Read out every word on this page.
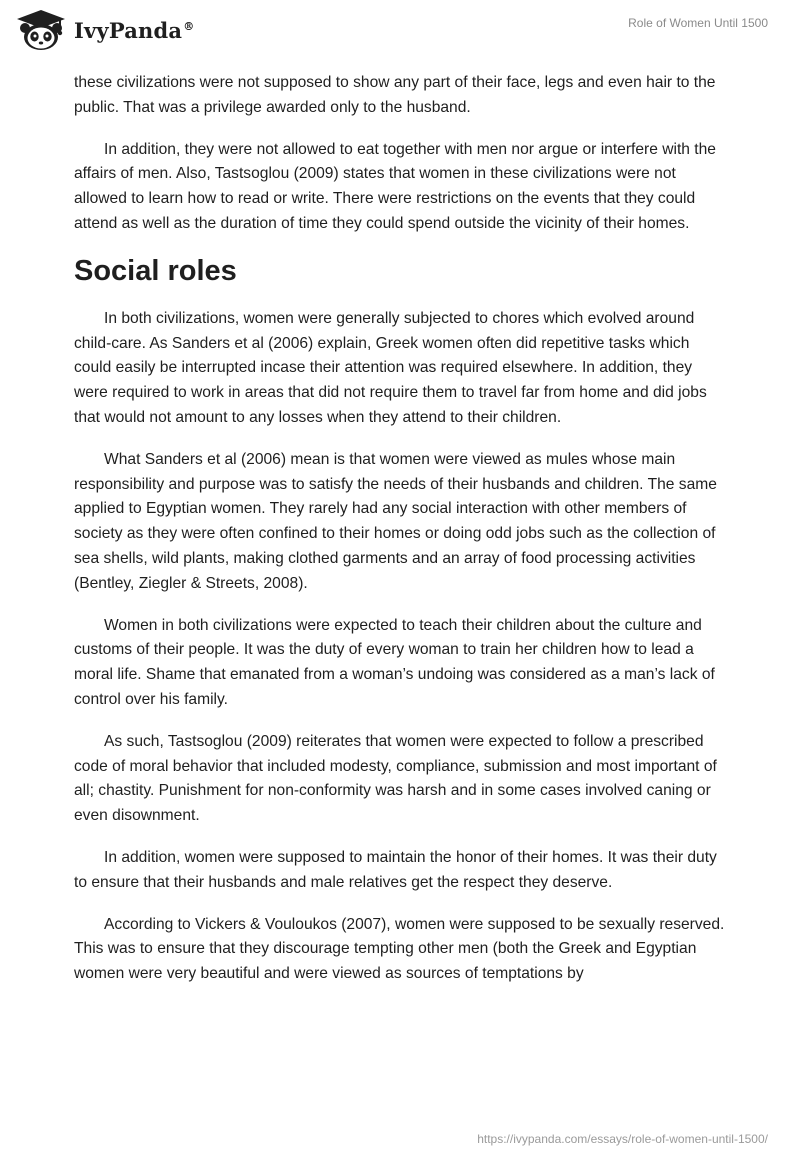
IvyPanda®	Role of Women Until 1500

these civilizations were not supposed to show any part of their face, legs and even hair to the public. That was a privilege awarded only to the husband.

In addition, they were not allowed to eat together with men nor argue or interfere with the affairs of men. Also, Tastsoglou (2009) states that women in these civilizations were not allowed to learn how to read or write. There were restrictions on the events that they could attend as well as the duration of time they could spend outside the vicinity of their homes.

Social roles

In both civilizations, women were generally subjected to chores which evolved around child-care. As Sanders et al (2006) explain, Greek women often did repetitive tasks which could easily be interrupted incase their attention was required elsewhere. In addition, they were required to work in areas that did not require them to travel far from home and did jobs that would not amount to any losses when they attend to their children.

What Sanders et al (2006) mean is that women were viewed as mules whose main responsibility and purpose was to satisfy the needs of their husbands and children. The same applied to Egyptian women. They rarely had any social interaction with other members of society as they were often confined to their homes or doing odd jobs such as the collection of sea shells, wild plants, making clothed garments and an array of food processing activities (Bentley, Ziegler & Streets, 2008).

Women in both civilizations were expected to teach their children about the culture and customs of their people. It was the duty of every woman to train her children how to lead a moral life. Shame that emanated from a woman’s undoing was considered as a man’s lack of control over his family.

As such, Tastsoglou (2009) reiterates that women were expected to follow a prescribed code of moral behavior that included modesty, compliance, submission and most important of all; chastity. Punishment for non-conformity was harsh and in some cases involved caning or even disownment.

In addition, women were supposed to maintain the honor of their homes. It was their duty to ensure that their husbands and male relatives get the respect they deserve.

According to Vickers & Vouloukos (2007), women were supposed to be sexually reserved. This was to ensure that they discourage tempting other men (both the Greek and Egyptian women were very beautiful and were viewed as sources of temptations by

https://ivypanda.com/essays/role-of-women-until-1500/
